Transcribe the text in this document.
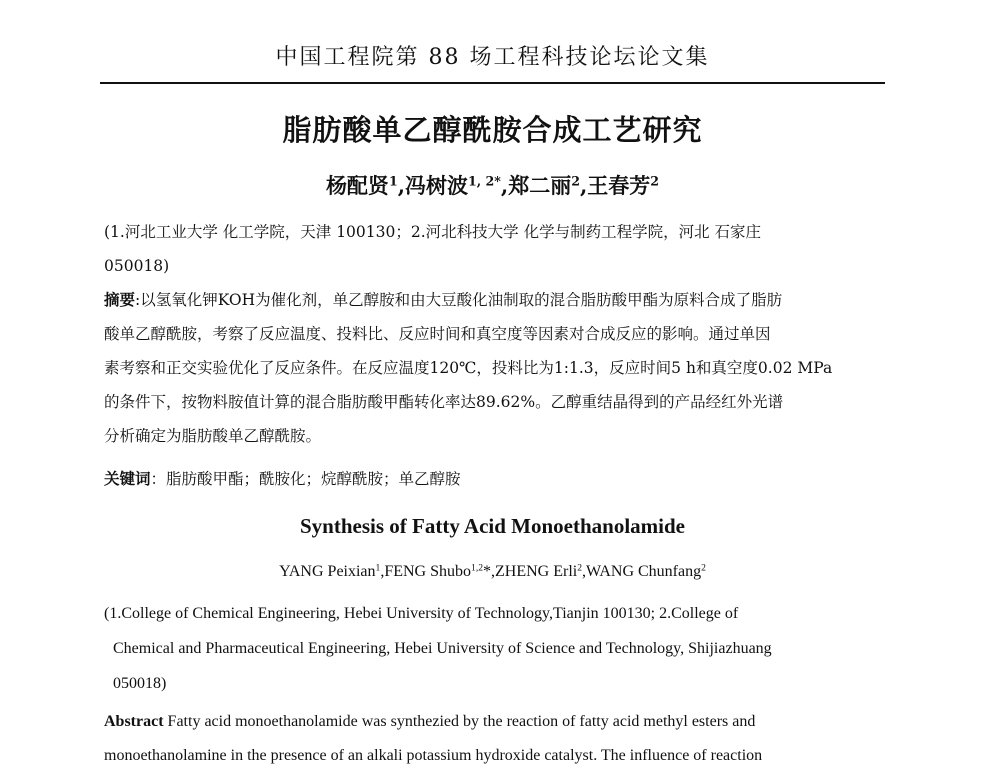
中国工程院第 88 场工程科技论坛论文集
脂肪酸单乙醇酰胺合成工艺研究
杨配贤$^1$,冯树波$^{1, 2*}$,郑二丽$^2$,王春芳$^2$
(1.河北工业大学 化工学院，天津 100130；2.河北科技大学 化学与制药工程学院，河北 石家庄
050018)
摘要:以氢氧化钾KOH为催化剂，单乙醇胺和由大豆酸化油制取的混合脂肪酸甲酯为原料合成了脂肪
酸单乙醇酰胺，考察了反应温度、投料比、反应时间和真空度等因素对合成反应的影响。通过单因
素考察和正交实验优化了反应条件。在反应温度120℃，投料比为1:1.3，反应时间5 h和真空度0.02 MPa
的条件下，按物料胺值计算的混合脂肪酸甲酯转化率达89.62%。乙醇重结晶得到的产品经红外光谱
分析确定为脂肪酸单乙醇酰胺。
关键词：脂肪酸甲酯；酰胺化；烷醇酰胺；单乙醇胺
Synthesis of Fatty Acid Monoethanolamide
YANG Peixian$^1$,FENG Shubo$^{1,2}$*,ZHENG Erli$^2$,WANG Chunfang$^2$
(1.College of Chemical Engineering, Hebei University of Technology,Tianjin 100130; 2.College of
Chemical and Pharmaceutical Engineering, Hebei University of Science and Technology, Shijiazhuang
050018)
Abstract Fatty acid monoethanolamide was synthezied by the reaction of fatty acid methyl esters and
monoethanolamine in the presence of an alkali potassium hydroxide catalyst. The influence of reaction
